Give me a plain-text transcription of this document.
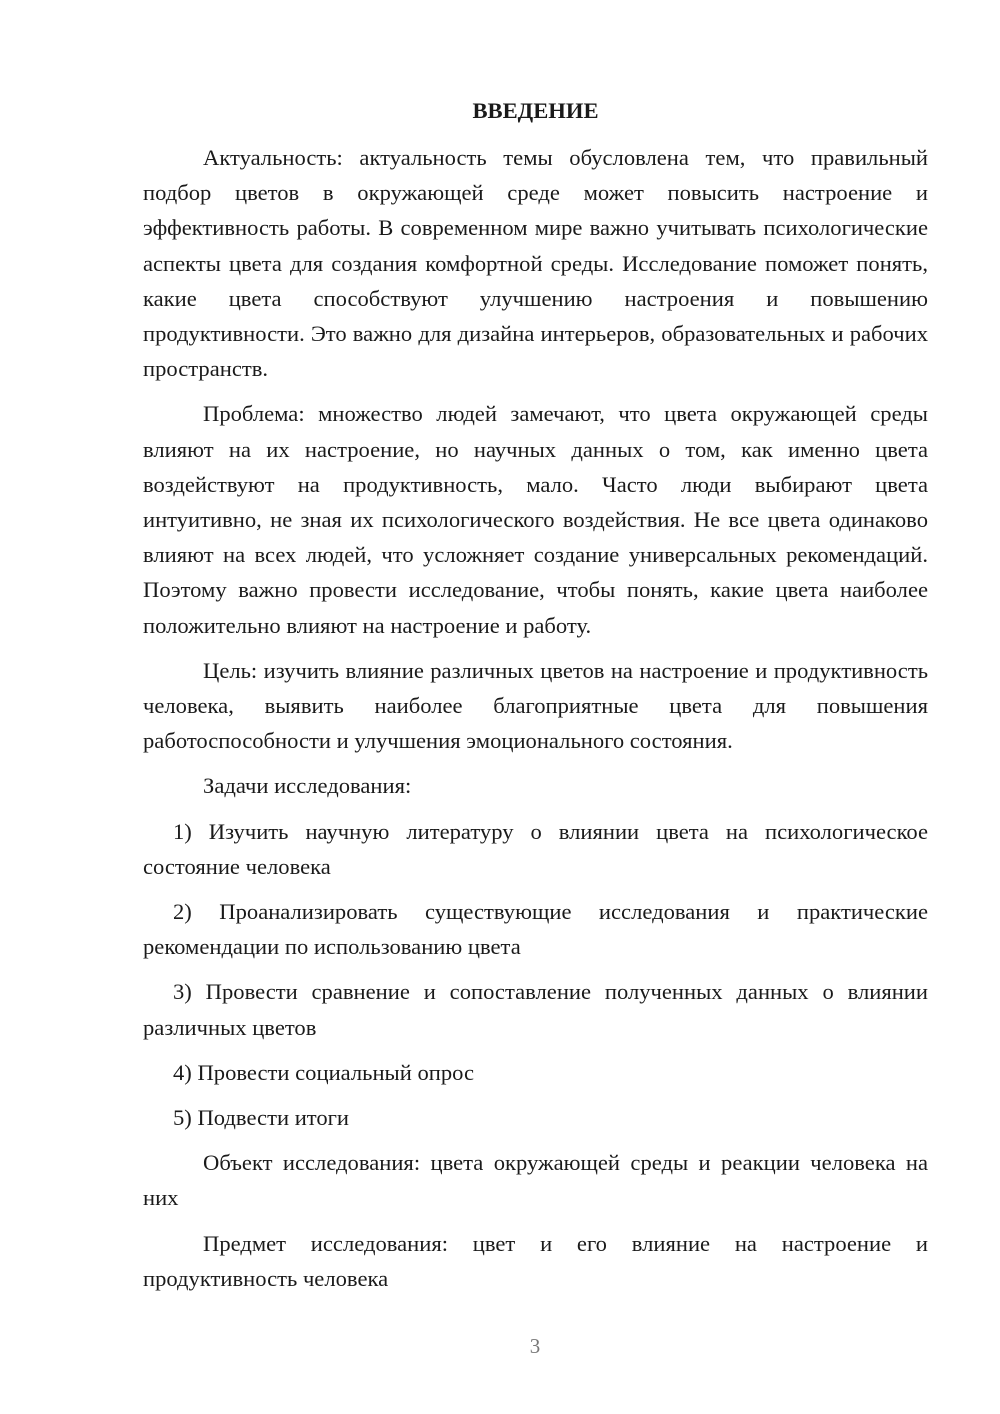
ВВЕДЕНИЕ

Актуальность: актуальность темы обусловлена тем, что правильный подбор цветов в окружающей среде может повысить настроение и эффективность работы. В современном мире важно учитывать психологические аспекты цвета для создания комфортной среды. Исследование поможет понять, какие цвета способствуют улучшению настроения и повышению продуктивности. Это важно для дизайна интерьеров, образовательных и рабочих пространств.

Проблема: множество людей замечают, что цвета окружающей среды влияют на их настроение, но научных данных о том, как именно цвета воздействуют на продуктивность, мало. Часто люди выбирают цвета интуитивно, не зная их психологического воздействия. Не все цвета одинаково влияют на всех людей, что усложняет создание универсальных рекомендаций. Поэтому важно провести исследование, чтобы понять, какие цвета наиболее положительно влияют на настроение и работу.

Цель: изучить влияние различных цветов на настроение и продуктивность человека, выявить наиболее благоприятные цвета для повышения работоспособности и улучшения эмоционального состояния.

Задачи исследования:

1) Изучить научную литературу о влиянии цвета на психологическое состояние человека

2) Проанализировать существующие исследования и практические рекомендации по использованию цвета

3) Провести сравнение и сопоставление полученных данных о влиянии различных цветов

4) Провести социальный опрос

5) Подвести итоги

Объект исследования: цвета окружающей среды и реакции человека на них

Предмет исследования: цвет и его влияние на настроение и продуктивность человека

3
